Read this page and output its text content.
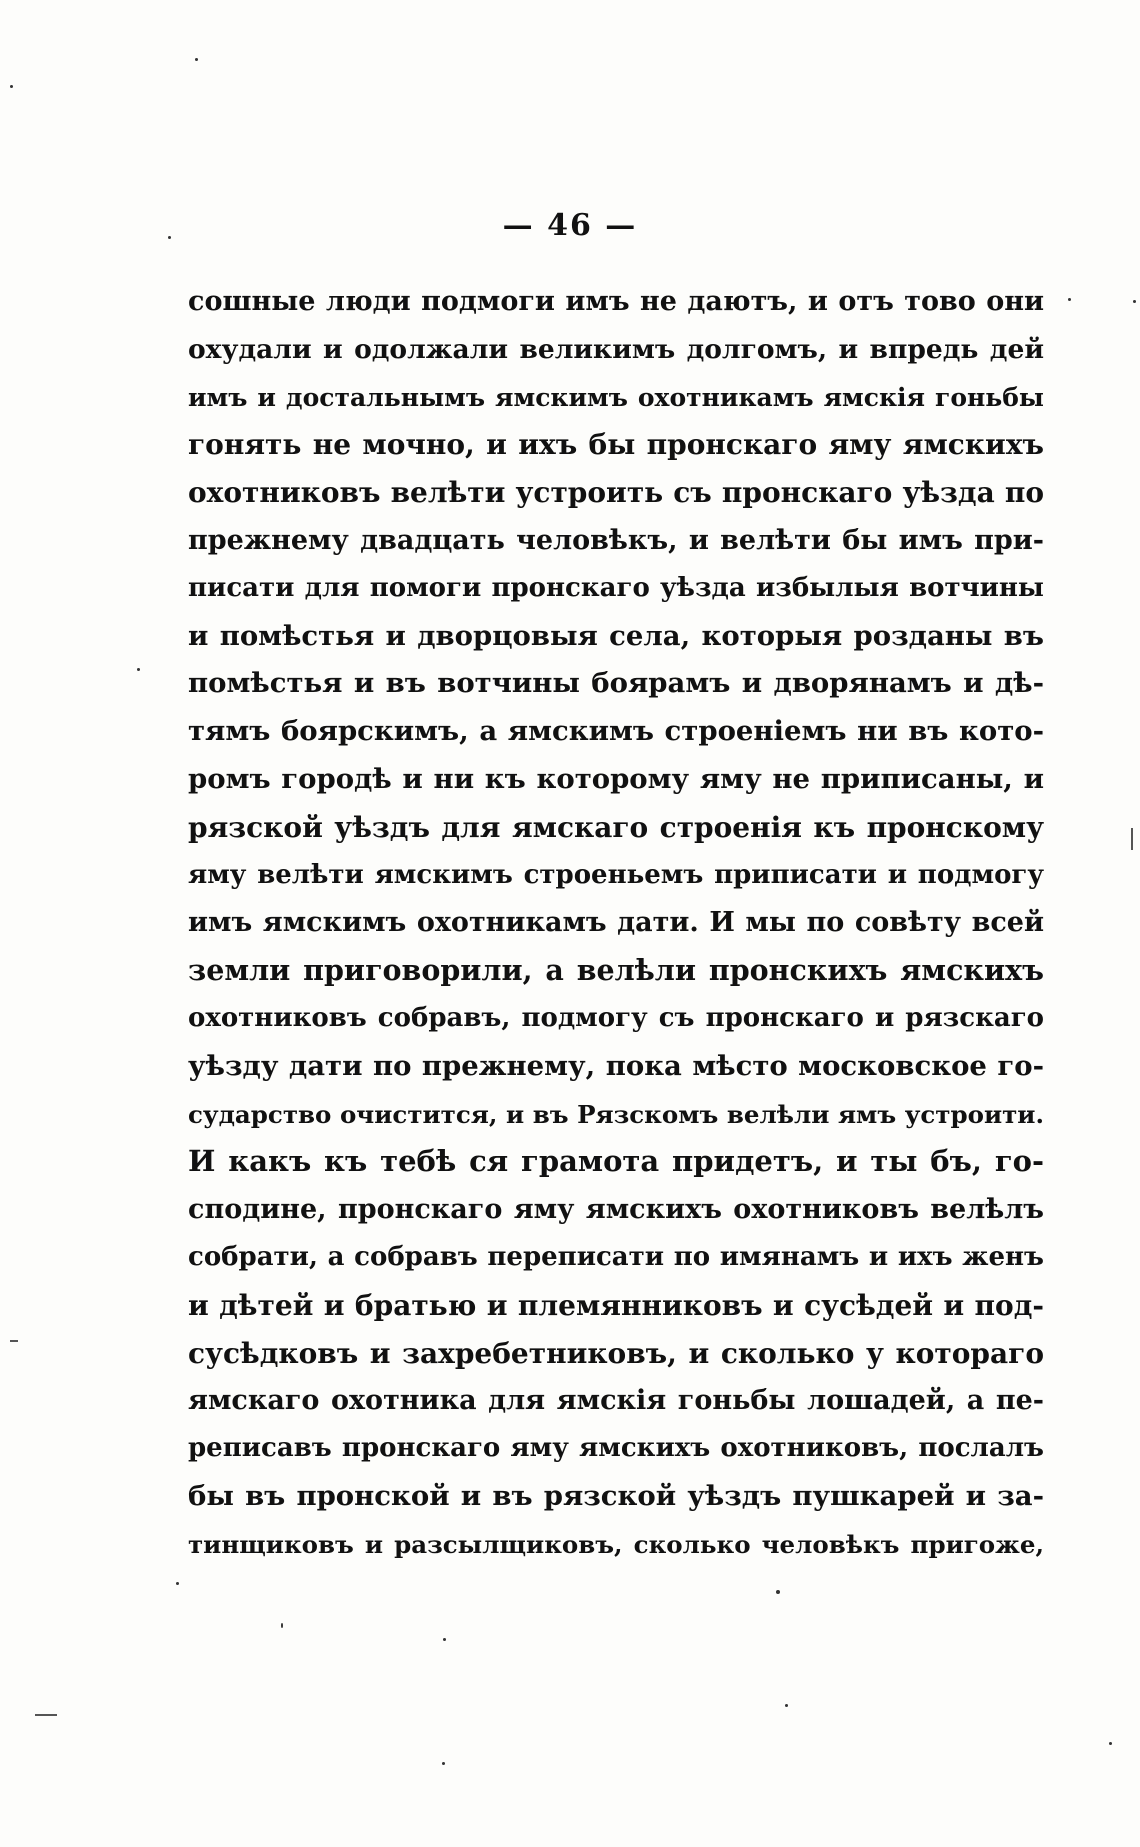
— 46 —
сошные люди подмоги имъ не даютъ, и отъ тово они
охудали и одолжали великимъ долгомъ, и впредь дей
имъ и достальнымъ ямскимъ охотникамъ ямскія гоньбы
гонять не мочно, и ихъ бы пронскаго яму ямскихъ
охотниковъ велѣти устроить съ пронскаго уѣзда по
прежнему двадцать человѣкъ, и велѣти бы имъ при-
писати для помоги пронскаго уѣзда избылыя вотчины
и помѣстья и дворцовыя села, которыя розданы въ
помѣстья и въ вотчины боярамъ и дворянамъ и дѣ-
тямъ боярскимъ, а ямскимъ строеніемъ ни въ кото-
ромъ городѣ и ни къ которому яму не приписаны, и
рязской уѣздъ для ямскаго строенія къ пронскому
яму велѣти ямскимъ строеньемъ приписати и подмогу
имъ ямскимъ охотникамъ дати. И мы по совѣту всей
земли приговорили, а велѣли пронскихъ ямскихъ
охотниковъ собравъ, подмогу съ пронскаго и рязскаго
уѣзду дати по прежнему, пока мѣсто московское го-
сударство очистится, и въ Рязскомъ велѣли ямъ устроити.
И какъ къ тебѣ ся грамота придетъ, и ты бъ, го-
сподине, пронскаго яму ямскихъ охотниковъ велѣлъ
собрати, а собравъ переписати по имянамъ и ихъ женъ
и дѣтей и братью и племянниковъ и сусѣдей и под-
сусѣдковъ и захребетниковъ, и сколько у котораго
ямскаго охотника для ямскія гоньбы лошадей, а пе-
реписавъ пронскаго яму ямскихъ охотниковъ, послалъ
бы въ пронской и въ рязской уѣздъ пушкарей и за-
тинщиковъ и разсылщиковъ, сколько человѣкъ пригоже,
